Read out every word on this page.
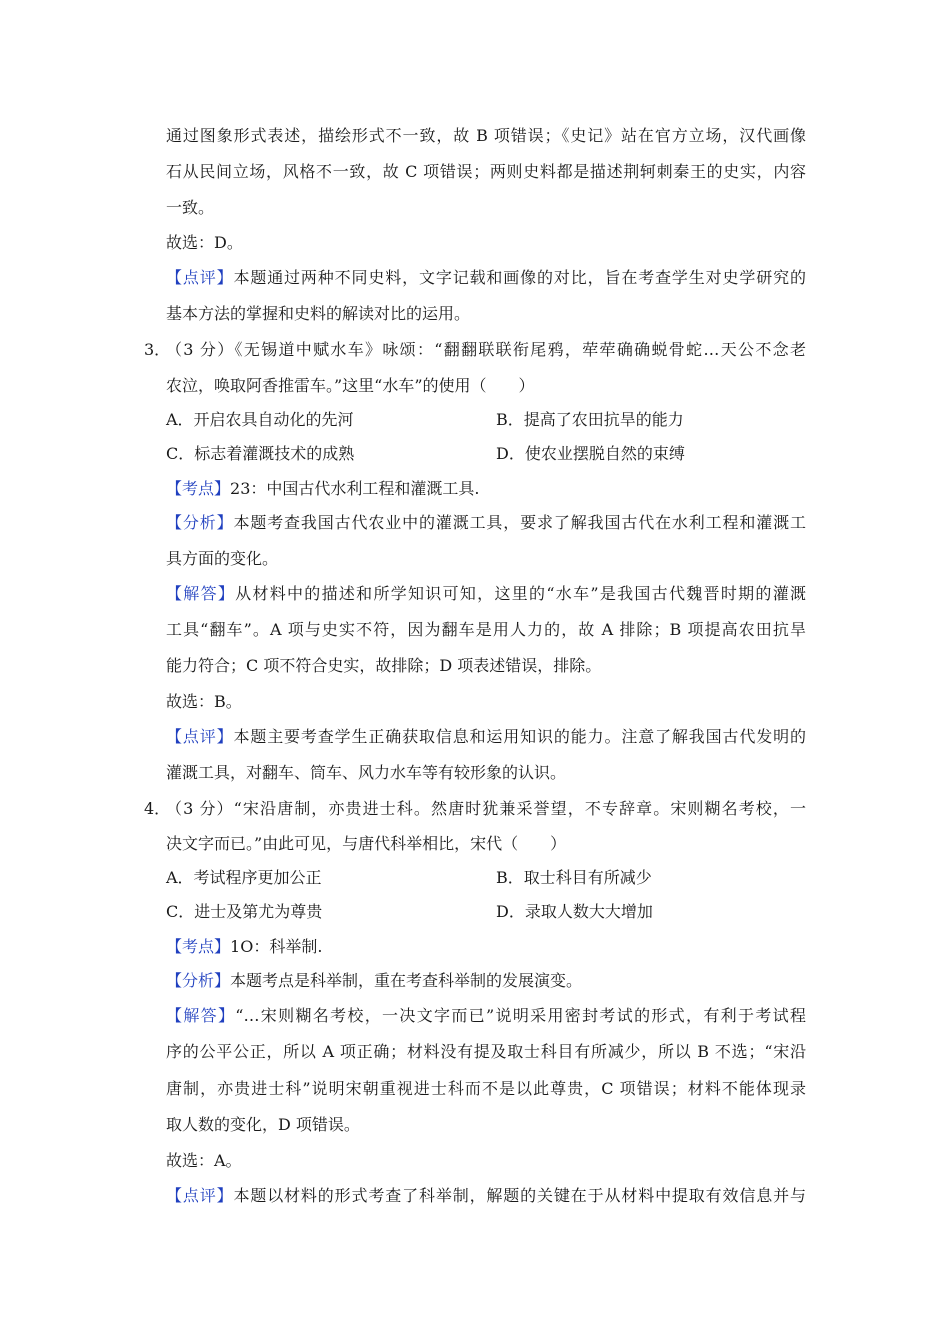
通过图象形式表述，描绘形式不一致，故 B 项错误；《史记》站在官方立场，汉代画像
石从民间立场，风格不一致，故 C 项错误；两则史料都是描述荆轲刺秦王的史实，内容
一致。
故选：D。
【点评】本题通过两种不同史料，文字记载和画像的对比，旨在考查学生对史学研究的
基本方法的掌握和史料的解读对比的运用。
3．
（3 分）《无锡道中赋水车》咏颂：“翻翻联联衔尾鸦，荦荦确确蜕骨蛇…天公不念老
农泣，唤取阿香推雷车。”这里“水车”的使用（　　）
A．开启农具自动化的先河	B．提高了农田抗旱的能力
C．标志着灌溉技术的成熟	D．使农业摆脱自然的束缚
【考点】23：中国古代水利工程和灌溉工具.
【分析】本题考查我国古代农业中的灌溉工具，要求了解我国古代在水利工程和灌溉工
具方面的变化。
【解答】从材料中的描述和所学知识可知，这里的“水车”是我国古代魏晋时期的灌溉
工具“翻车”。A 项与史实不符，因为翻车是用人力的，故 A 排除；B 项提高农田抗旱
能力符合；C 项不符合史实，故排除；D 项表述错误，排除。
故选：B。
【点评】本题主要考查学生正确获取信息和运用知识的能力。注意了解我国古代发明的
灌溉工具，对翻车、筒车、风力水车等有较形象的认识。
4．
（3 分）“宋沿唐制，亦贵进士科。然唐时犹兼采誉望，不专辞章。宋则糊名考校，一
决文字而已。”由此可见，与唐代科举相比，宋代（　　）
A．考试程序更加公正	B．取士科目有所减少
C．进士及第尤为尊贵	D．录取人数大大增加
【考点】1O：科举制.
【分析】本题考点是科举制，重在考查科举制的发展演变。
【解答】“…宋则糊名考校，一决文字而已”说明采用密封考试的形式，有利于考试程
序的公平公正，所以 A 项正确；材料没有提及取士科目有所减少，所以 B 不选；“宋沿
唐制，亦贵进士科”说明宋朝重视进士科而不是以此尊贵，C 项错误；材料不能体现录
取人数的变化，D 项错误。
故选：A。
【点评】本题以材料的形式考查了科举制，解题的关键在于从材料中提取有效信息并与
